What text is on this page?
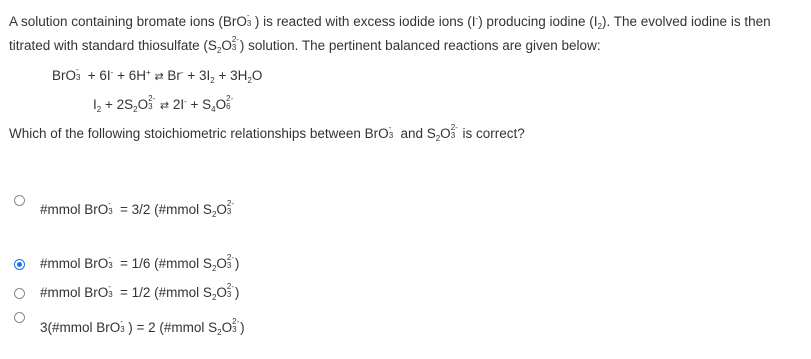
A solution containing bromate ions (BrO -
3 ) is reacted with excess iodide ions (I-) producing iodine $(I_2)$. The evolved iodine is then titrated with standard thiosulfate ($S_2O$ 2-
3 ) solution. The pertinent balanced reactions are given below:

BrO -
3 + 6I- + 6H+ ⇄ $Br^- + 3I_2 + 3H_2O$

$I_2 + 2S_2O$ 2-
3 ⇄ $2I^- + S_4O$ 2-
6

Which of the following stoichiometric relationships between BrO -
3 and $S_2O$ 2-
3 is correct?

#mmol BrO -
3 = 3/2 (#mmol $S_2O$ 2-
3
#mmol BrO -
3 = 1/6 (#mmol $S_2O$ 2-
3 )
#mmol BrO -
3 = 1/2 (#mmol $S_2O$ 2-
3 )
3(#mmol BrO -
3 ) = 2 (#mmol $S_2O$ 2-
3 )
